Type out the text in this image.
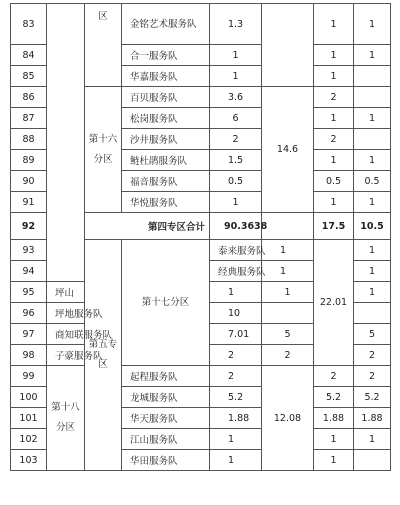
83		区	金铭艺术服务队	1.3		1	1	
84			合一服务队	1		1	1	
85			华嘉服务队	1		1		
86		第十六分区	百贝服务队	3.6	14.6	2		
87			松岗服务队	6		1	1	
88			沙井服务队	2		2		
89			鲢杜鹃服务队	1.5		1	1	
90			福音服务队	0.5		0.5	0.5	
91			华悦服务队	1		1	1	
92		第四专区合计		90.3638		17.5	10.5	
93		第五专区	第十七分区	泰来服务队	1	22.01	1	
94				经典服务队	1		1	
95	坪山			1	1		1	
96	坪地服务队			10				
97	商知联服务队			7.01	5		5	
98	子豪服务队			2	2		2	
99	第十八分区		起程服务队	2	12.08	2	2	
100			龙城服务队	5.2		5.2	5.2	
101			华天服务队	1.88		1.88	1.88	
102			江山服务队	1		1	1	
103			华田服务队	1		1		
